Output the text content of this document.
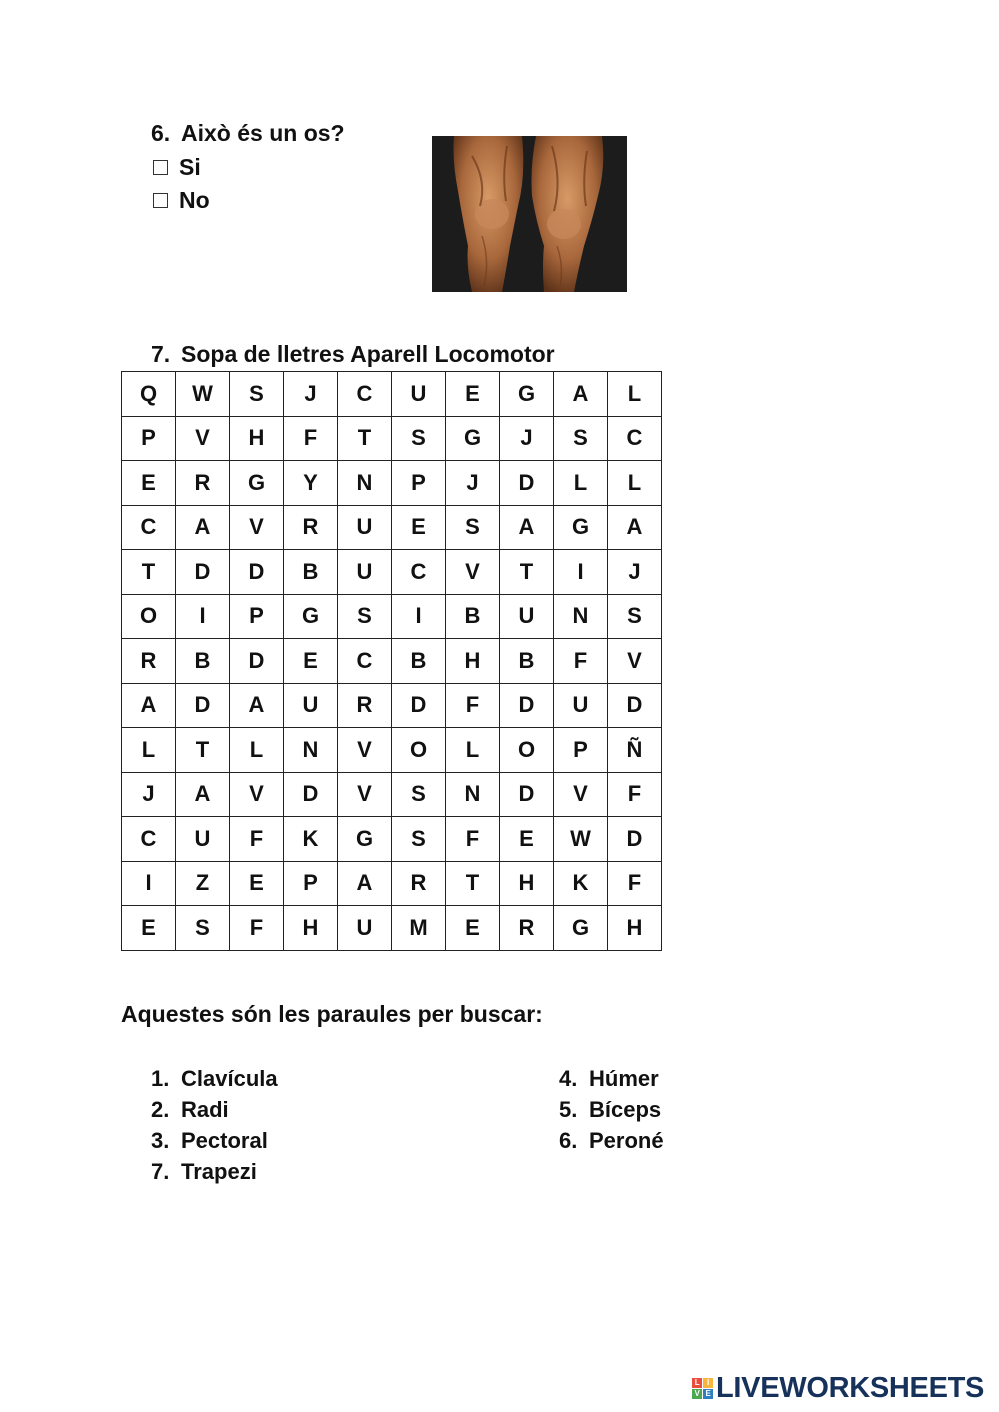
6. Això és un os?
Si
No
7. Sopa de lletres Aparell Locomotor
Q	W	S	J	C	U	E	G	A	L
P	V	H	F	T	S	G	J	S	C
E	R	G	Y	N	P	J	D	L	L
C	A	V	R	U	E	S	A	G	A
T	D	D	B	U	C	V	T	I	J
O	I	P	G	S	I	B	U	N	S
R	B	D	E	C	B	H	B	F	V
A	D	A	U	R	D	F	D	U	D
L	T	L	N	V	O	L	O	P	Ñ
J	A	V	D	V	S	N	D	V	F
C	U	F	K	G	S	F	E	W	D
I	Z	E	P	A	R	T	H	K	F
E	S	F	H	U	M	E	R	G	H
Aquestes són les paraules per buscar:
1. Clavícula
2. Radi
3. Pectoral
7. Trapezi
4. Húmer
5. Bíceps
6. Peroné
L I
V E LIVEWORKSHEETS
